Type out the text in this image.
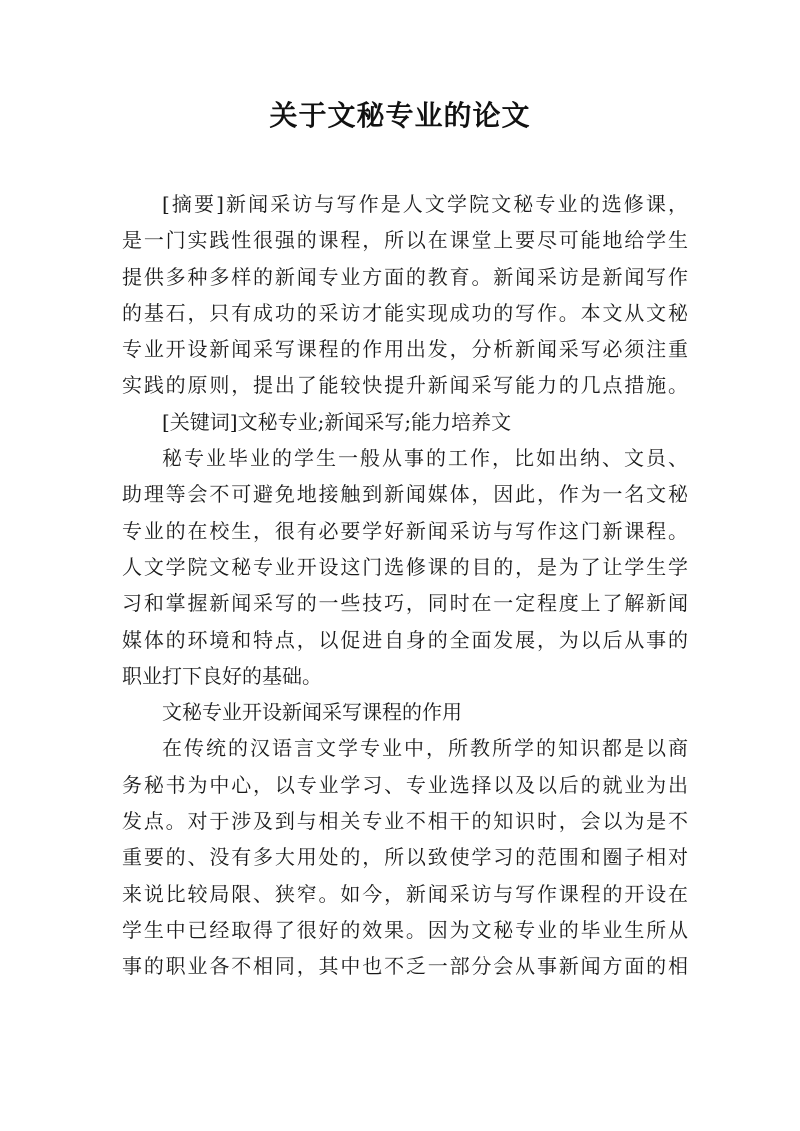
关于文秘专业的论文
[摘要]新闻采访与写作是人文学院文秘专业的选修课，
是一门实践性很强的课程，所以在课堂上要尽可能地给学生
提供多种多样的新闻专业方面的教育。新闻采访是新闻写作
的基石，只有成功的采访才能实现成功的写作。本文从文秘
专业开设新闻采写课程的作用出发，分析新闻采写必须注重
实践的原则，提出了能较快提升新闻采写能力的几点措施。
[关键词]文秘专业;新闻采写;能力培养文
秘专业毕业的学生一般从事的工作，比如出纳、文员、
助理等会不可避免地接触到新闻媒体，因此，作为一名文秘
专业的在校生，很有必要学好新闻采访与写作这门新课程。
人文学院文秘专业开设这门选修课的目的，是为了让学生学
习和掌握新闻采写的一些技巧，同时在一定程度上了解新闻
媒体的环境和特点，以促进自身的全面发展，为以后从事的
职业打下良好的基础。
文秘专业开设新闻采写课程的作用
在传统的汉语言文学专业中，所教所学的知识都是以商
务秘书为中心，以专业学习、专业选择以及以后的就业为出
发点。对于涉及到与相关专业不相干的知识时，会以为是不
重要的、没有多大用处的，所以致使学习的范围和圈子相对
来说比较局限、狭窄。如今，新闻采访与写作课程的开设在
学生中已经取得了很好的效果。因为文秘专业的毕业生所从
事的职业各不相同，其中也不乏一部分会从事新闻方面的相
